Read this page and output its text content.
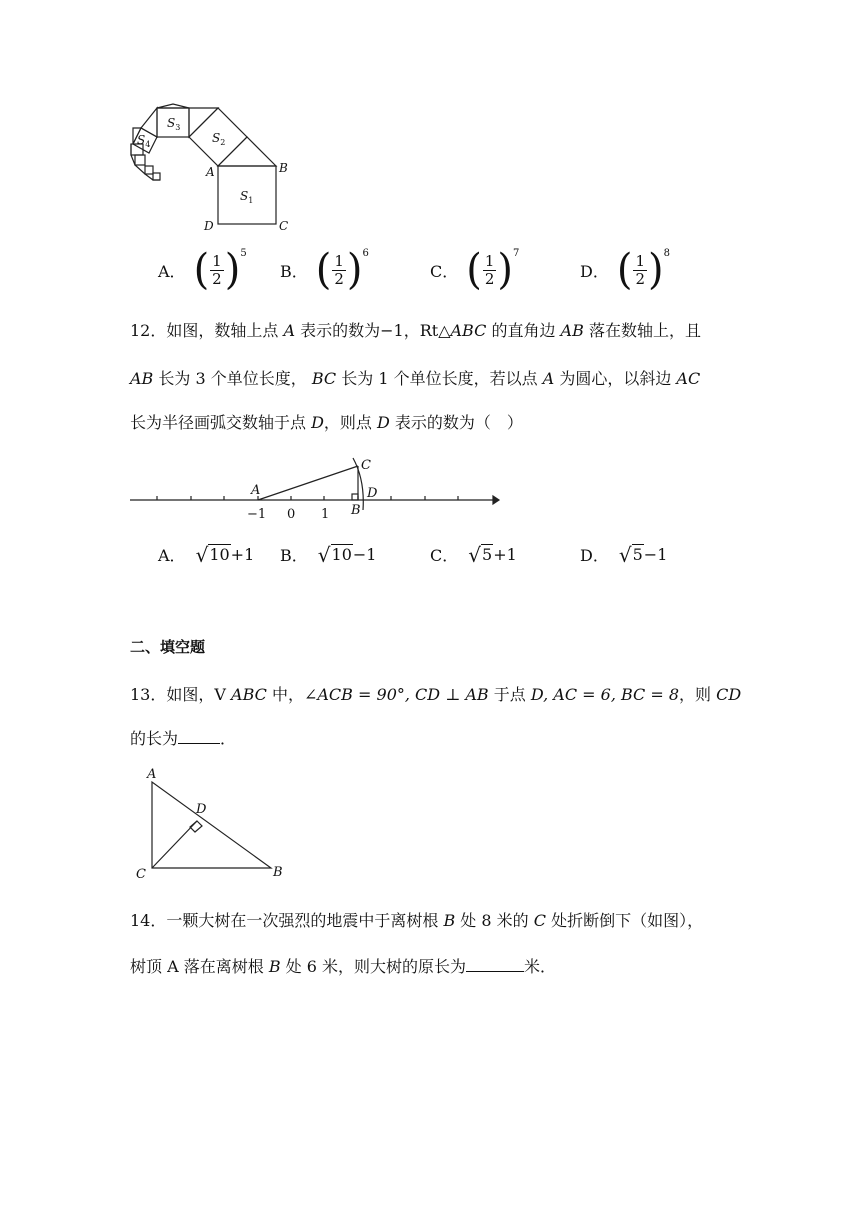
$S_1$
$S_2$
$S_3$
$S_4$
A	B
C
D
A． ( 1
2 ) 5
B． ( 1
2 ) 6
C． ( 1
2 ) 7
D． ( 1
2 ) 8
12．如图，数轴上点 A 表示的数为−1，Rt△ABC 的直角边 AB 落在数轴上，且
AB 长为 3 个单位长度， BC 长为 1 个单位长度，若以点 A 为圆心，以斜边 AC
长为半径画弧交数轴于点 D，则点 D 表示的数为（　）
A
B
C
D
−1 0 1
A． √ 10 +1 B． √ 10 −1	C． √ 5 +1	D． √ 5 −1
二、填空题
13．如图，V ABC 中，∠ACB = 90°, CD ⊥ AB 于点 D, AC = 6, BC = 8，则 CD
的长为	．
A
D
C	B
14．一颗大树在一次强烈的地震中于离树根 B 处 8 米的 C 处折断倒下（如图），
树顶 A 落在离树根 B 处 6 米，则大树的原长为	米．
